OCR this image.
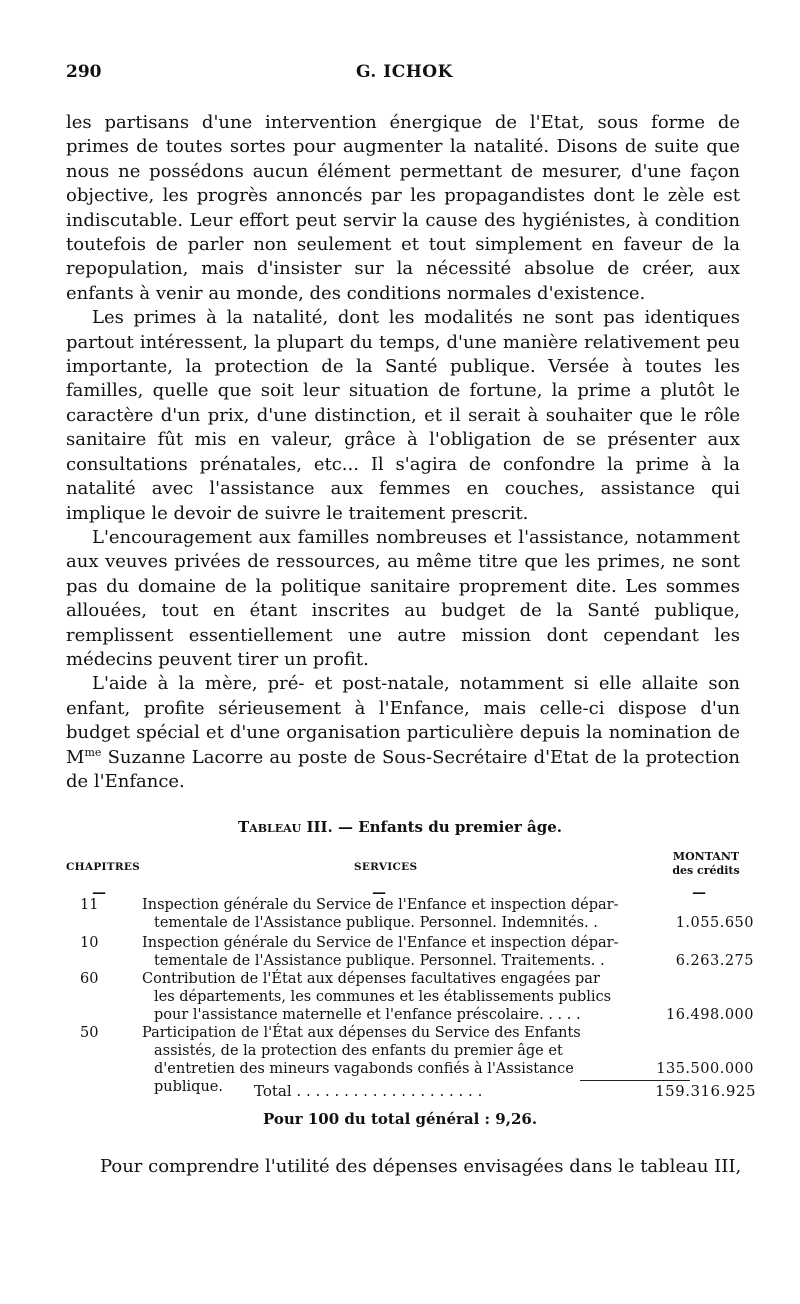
290	G. ICHOK

les partisans d'une intervention énergique de l'Etat, sous forme de primes de toutes sortes pour augmenter la natalité. Disons de suite que nous ne possédons aucun élément permettant de mesurer, d'une façon objective, les progrès annoncés par les propagandistes dont le zèle est indiscutable. Leur effort peut servir la cause des hygiénistes, à condition toutefois de parler non seulement et tout simplement en faveur de la repopulation, mais d'insister sur la nécessité absolue de créer, aux enfants à venir au monde, des conditions normales d'existence.

Les primes à la natalité, dont les modalités ne sont pas identiques partout intéressent, la plupart du temps, d'une manière relativement peu importante, la protection de la Santé publique. Versée à toutes les familles, quelle que soit leur situation de fortune, la prime a plutôt le caractère d'un prix, d'une distinction, et il serait à souhaiter que le rôle sanitaire fût mis en valeur, grâce à l'obligation de se présenter aux consultations prénatales, etc... Il s'agira de confondre la prime à la natalité avec l'assistance aux femmes en couches, assistance qui implique le devoir de suivre le traitement prescrit.

L'encouragement aux familles nombreuses et l'assistance, notamment aux veuves privées de ressources, au même titre que les primes, ne sont pas du domaine de la politique sanitaire proprement dite. Les sommes allouées, tout en étant inscrites au budget de la Santé publique, remplissent essentiellement une autre mission dont cependant les médecins peuvent tirer un profit.

L'aide à la mère, pré- et post-natale, notamment si elle allaite son enfant, profite sérieusement à l'Enfance, mais celle-ci dispose d'un budget spécial et d'une organisation particulière depuis la nomination de $M^{me}$ Suzanne Lacorre au poste de Sous-Secrétaire d'Etat de la protection de l'Enfance.

Tableau III. — Enfants du premier âge.
CHAPITRES	SERVICES
MONTANT
des crédits
—	—	—
11	Inspection générale du Service de l'Enfance et inspection dépar-
tementale de l'Assistance publique. Personnel. Indemnités. .	1.055.650
10	Inspection générale du Service de l'Enfance et inspection dépar-
tementale de l'Assistance publique. Personnel. Traitements. .	6.263.275
60	Contribution de l'État aux dépenses facultatives engagées par
les départements, les communes et les établissements publics pour l'assistance maternelle et l'enfance préscolaire. . . . .	16.498.000
50	Participation de l'État aux dépenses du Service des Enfants
assistés, de la protection des enfants du premier âge et d'entretien des mineurs vagabonds confiés à l'Assistance publique.
135.500.000
Total . . . . . . . . . . . . . . . . . . . .	159.316.925
Pour 100 du total général : 9,26.
Pour comprendre l'utilité des dépenses envisagées dans le tableau III,
